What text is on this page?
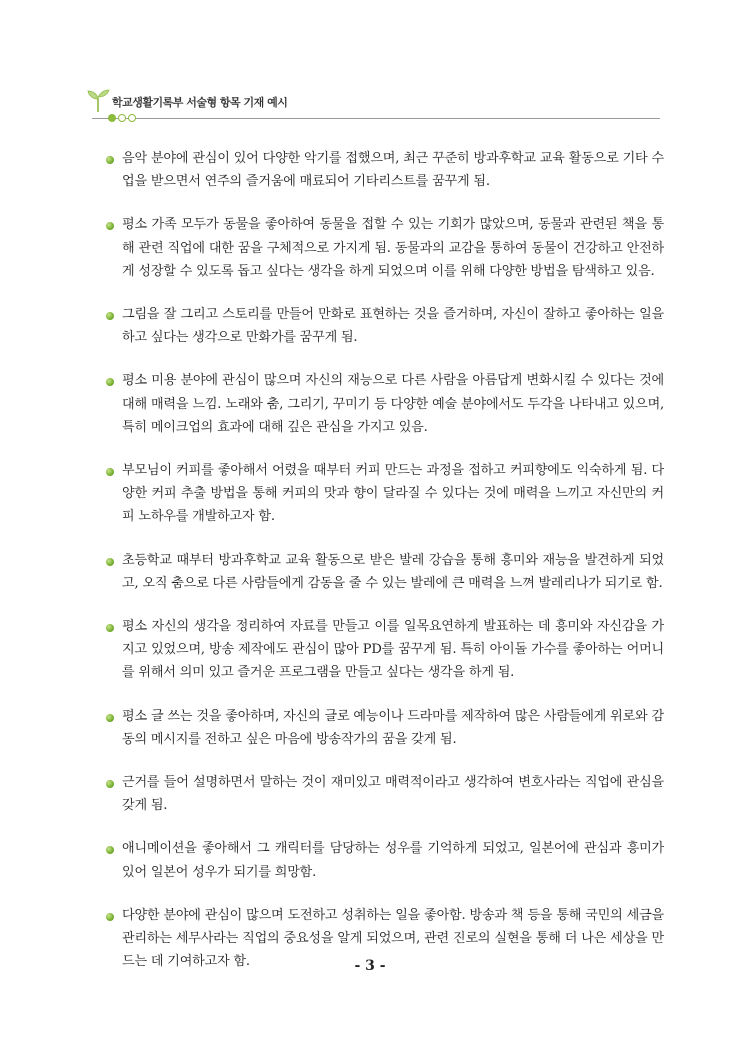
학교생활기록부 서술형 항목 기재 예시
음악 분야에 관심이 있어 다양한 악기를 접했으며, 최근 꾸준히 방과후학교 교육 활동으로 기타 수업을 받으면서 연주의 즐거움에 매료되어 기타리스트를 꿈꾸게 됨.
평소 가족 모두가 동물을 좋아하여 동물을 접할 수 있는 기회가 많았으며, 동물과 관련된 책을 통해 관련 직업에 대한 꿈을 구체적으로 가지게 됨. 동물과의 교감을 통하여 동물이 건강하고 안전하게 성장할 수 있도록 돕고 싶다는 생각을 하게 되었으며 이를 위해 다양한 방법을 탐색하고 있음.
그림을 잘 그리고 스토리를 만들어 만화로 표현하는 것을 즐거하며, 자신이 잘하고 좋아하는 일을 하고 싶다는 생각으로 만화가를 꿈꾸게 됨.
평소 미용 분야에 관심이 많으며 자신의 재능으로 다른 사람을 아름답게 변화시킬 수 있다는 것에 대해 매력을 느낌. 노래와 춤, 그리기, 꾸미기 등 다양한 예술 분야에서도 두각을 나타내고 있으며, 특히 메이크업의 효과에 대해 깊은 관심을 가지고 있음.
부모님이 커피를 좋아해서 어렸을 때부터 커피 만드는 과정을 접하고 커피향에도 익숙하게 됨. 다양한 커피 추출 방법을 통해 커피의 맛과 향이 달라질 수 있다는 것에 매력을 느끼고 자신만의 커피 노하우를 개발하고자 함.
초등학교 때부터 방과후학교 교육 활동으로 받은 발레 강습을 통해 흥미와 재능을 발견하게 되었고, 오직 춤으로 다른 사람들에게 감동을 줄 수 있는 발레에 큰 매력을 느껴 발레리나가 되기로 함.
평소 자신의 생각을 정리하여 자료를 만들고 이를 일목요연하게 발표하는 데 흥미와 자신감을 가지고 있었으며, 방송 제작에도 관심이 많아 PD를 꿈꾸게 됨. 특히 아이돌 가수를 좋아하는 어머니를 위해서 의미 있고 즐거운 프로그램을 만들고 싶다는 생각을 하게 됨.
평소 글 쓰는 것을 좋아하며, 자신의 글로 예능이나 드라마를 제작하여 많은 사람들에게 위로와 감동의 메시지를 전하고 싶은 마음에 방송작가의 꿈을 갖게 됨.
근거를 들어 설명하면서 말하는 것이 재미있고 매력적이라고 생각하여 변호사라는 직업에 관심을 갖게 됨.
애니메이션을 좋아해서 그 캐릭터를 담당하는 성우를 기억하게 되었고, 일본어에 관심과 흥미가 있어 일본어 성우가 되기를 희망함.
다양한 분야에 관심이 많으며 도전하고 성취하는 일을 좋아함. 방송과 책 등을 통해 국민의 세금을 관리하는 세무사라는 직업의 중요성을 알게 되었으며, 관련 진로의 실현을 통해 더 나은 세상을 만드는 데 기여하고자 함.	- 3 -
